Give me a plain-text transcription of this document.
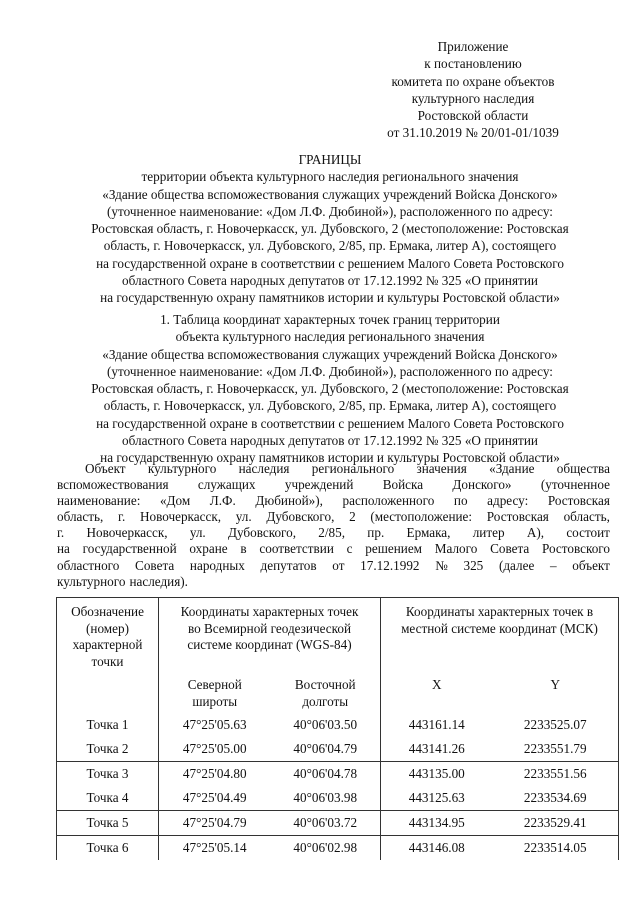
Приложение
к постановлению
комитета по охране объектов
культурного наследия
Ростовской области
от 31.10.2019 № 20/01-01/1039
ГРАНИЦЫ
территории объекта культурного наследия регионального значения
«Здание общества вспоможествования служащих учреждений Войска Донского»
(уточненное наименование: «Дом Л.Ф. Дюбиной»), расположенного по адресу:
Ростовская область, г. Новочеркасск, ул. Дубовского, 2 (местоположение: Ростовская
область, г. Новочеркасск, ул. Дубовского, 2/85, пр. Ермака, литер А), состоящего
на государственной охране в соответствии с решением Малого Совета Ростовского
областного Совета народных депутатов от 17.12.1992 № 325 «О принятии
на государственную охрану памятников истории и культуры Ростовской области»
1. Таблица координат характерных точек границ территории
объекта культурного наследия регионального значения
«Здание общества вспоможествования служащих учреждений Войска Донского»
(уточненное наименование: «Дом Л.Ф. Дюбиной»), расположенного по адресу:
Ростовская область, г. Новочеркасск, ул. Дубовского, 2 (местоположение: Ростовская
область, г. Новочеркасск, ул. Дубовского, 2/85, пр. Ермака, литер А), состоящего
на государственной охране в соответствии с решением Малого Совета Ростовского
областного Совета народных депутатов от 17.12.1992 № 325 «О принятии
на государственную охрану памятников истории и культуры Ростовской области»
Объект культурного наследия регионального значения «Здание общества
вспоможествования служащих учреждений Войска Донского» (уточненное
наименование: «Дом Л.Ф. Дюбиной»), расположенного по адресу: Ростовская
область, г. Новочеркасск, ул. Дубовского, 2 (местоположение: Ростовская область,
г. Новочеркасск, ул. Дубовского, 2/85, пр. Ермака, литер А), состоит
на государственной охране в соответствии с решением Малого Совета Ростовского
областного Совета народных депутатов от 17.12.1992 № 325 (далее – объект
культурного наследия).
Обозначение (номер) характерной точки	Координаты характерных точек во Всемирной геодезической системе координат (WGS-84)		Координаты характерных точек в местной системе координат (МСК)	
	Северной широты	Восточной долготы	X	Y
Точка 1	47°25'05.63	40°06'03.50	443161.14	2233525.07
Точка 2	47°25'05.00	40°06'04.79	443141.26	2233551.79
Точка 3	47°25'04.80	40°06'04.78	443135.00	2233551.56
Точка 4	47°25'04.49	40°06'03.98	443125.63	2233534.69
Точка 5	47°25'04.79	40°06'03.72	443134.95	2233529.41
Точка 6	47°25'05.14	40°06'02.98	443146.08	2233514.05
